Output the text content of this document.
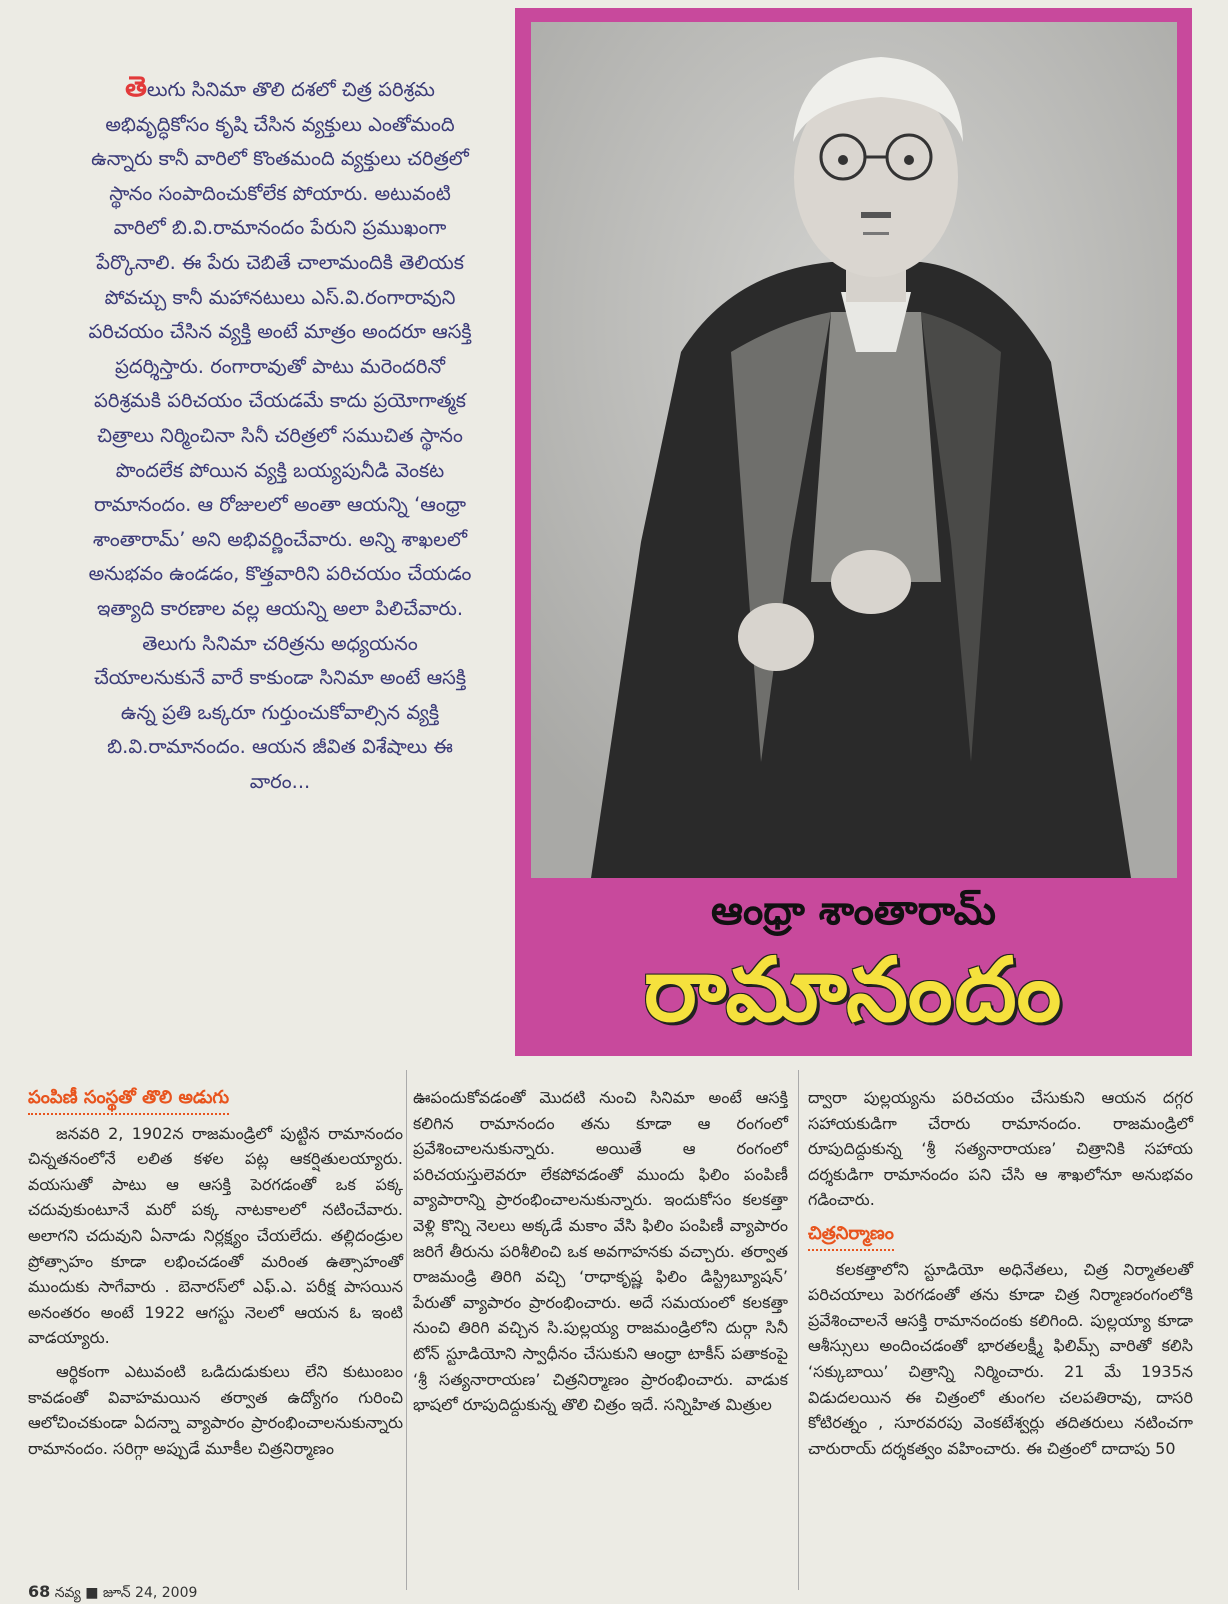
తెలుగు సినిమా తొలి దశలో చిత్ర పరిశ్రమ అభివృద్ధికోసం కృషి చేసిన వ్యక్తులు ఎంతోమంది ఉన్నారు కానీ వారిలో కొంతమంది వ్యక్తులు చరిత్రలో స్థానం సంపాదించుకోలేక పోయారు. అటువంటి వారిలో బి.వి.రామానందం పేరుని ప్రముఖంగా పేర్కొనాలి. ఈ పేరు చెబితే చాలామందికి తెలియక పోవచ్చు కానీ మహానటులు ఎస్.వి.రంగారావుని పరిచయం చేసిన వ్యక్తి అంటే మాత్రం అందరూ ఆసక్తి ప్రదర్శిస్తారు. రంగారావుతో పాటు మరెందరినో పరిశ్రమకి పరిచయం చేయడమే కాదు ప్రయోగాత్మక చిత్రాలు నిర్మించినా సినీ చరిత్రలో సముచిత స్థానం పొందలేక పోయిన వ్యక్తి బయ్యపునీడి వెంకట రామానందం. ఆ రోజులలో అంతా ఆయన్ని ‘ఆంధ్రా శాంతారామ్’ అని అభివర్ణించేవారు. అన్ని శాఖలలో అనుభవం ఉండడం, కొత్తవారిని పరిచయం చేయడం ఇత్యాది కారణాల వల్ల ఆయన్ని అలా పిలిచేవారు. తెలుగు సినిమా చరిత్రను అధ్యయనం చేయాలనుకునే వారే కాకుండా సినిమా అంటే ఆసక్తి ఉన్న ప్రతి ఒక్కరూ గుర్తుంచుకోవాల్సిన వ్యక్తి బి.వి.రామానందం. ఆయన జీవిత విశేషాలు ఈ వారం...

ఆంధ్రా శాంతారామ్
రామానందం
పంపిణీ సంస్థతో తొలి అడుగు

జనవరి 2, 1902న రాజమండ్రిలో పుట్టిన రామానందం చిన్నతనంలోనే లలిత కళల పట్ల ఆకర్షితులయ్యారు. వయసుతో పాటు ఆ ఆసక్తి పెరగడంతో ఒక పక్క చదువుకుంటూనే మరో పక్క నాటకాలలో నటించేవారు. అలాగని చదువుని ఏనాడు నిర్లక్ష్యం చేయలేదు. తల్లిదండ్రుల ప్రోత్సాహం కూడా లభించడంతో మరింత ఉత్సాహంతో ముందుకు సాగేవారు . బెనారస్‌లో ఎఫ్.ఎ. పరీక్ష పాసయిన అనంతరం అంటే 1922 ఆగస్టు నెలలో ఆయన ఓ ఇంటి వాడయ్యారు.

ఆర్థికంగా ఎటువంటి ఒడిదుడుకులు లేని కుటుంబం కావడంతో వివాహమయిన తర్వాత ఉద్యోగం గురించి ఆలోచించకుండా ఏదన్నా వ్యాపారం ప్రారంభించాలనుకున్నారు రామానందం. సరిగ్గా అప్పుడే మూకీల చిత్రనిర్మాణం

ఊపందుకోవడంతో మొదటి నుంచి సినిమా అంటే ఆసక్తి కలిగిన రామానందం తను కూడా ఆ రంగంలో ప్రవేశించాలనుకున్నారు. అయితే ఆ రంగంలో పరిచయస్తులెవరూ లేకపోవడంతో ముందు ఫిలిం పంపిణీ వ్యాపారాన్ని ప్రారంభించాలనుకున్నారు. ఇందుకోసం కలకత్తా వెళ్లి కొన్ని నెలలు అక్కడే మకాం వేసి ఫిలిం పంపిణీ వ్యాపారం జరిగే తీరును పరిశీలించి ఒక అవగాహనకు వచ్చారు. తర్వాత రాజమండ్రి తిరిగి వచ్చి ‘రాధాకృష్ణ ఫిలిం డిస్ట్రిబ్యూషన్’ పేరుతో వ్యాపారం ప్రారంభించారు. అదే సమయంలో కలకత్తా నుంచి తిరిగి వచ్చిన సి.పుల్లయ్య రాజమండ్రిలోని దుర్గా సినీ టోన్ స్టూడియోని స్వాధీనం చేసుకుని ఆంధ్రా టాకీస్ పతాకంపై ‘శ్రీ సత్యనారాయణ’ చిత్రనిర్మాణం ప్రారంభించారు. వాడుక భాషలో రూపుదిద్దుకున్న తొలి చిత్రం ఇదే. సన్నిహిత మిత్రుల

ద్వారా పుల్లయ్యను పరిచయం చేసుకుని ఆయన దగ్గర సహాయకుడిగా చేరారు రామానందం. రాజమండ్రిలో రూపుదిద్దుకున్న ‘శ్రీ సత్యనారాయణ’ చిత్రానికి సహాయ దర్శకుడిగా రామానందం పని చేసి ఆ శాఖలోనూ అనుభవం గడించారు.

చిత్రనిర్మాణం

కలకత్తాలోని స్టూడియో అధినేతలు, చిత్ర నిర్మాతలతో పరిచయాలు పెరగడంతో తను కూడా చిత్ర నిర్మాణరంగంలోకి ప్రవేశించాలనే ఆసక్తి రామానందంకు కలిగింది. పుల్లయ్యా కూడా ఆశీస్సులు అందించడంతో భారతలక్ష్మీ ఫిలిమ్స్ వారితో కలిసి ‘సక్కుబాయి’ చిత్రాన్ని నిర్మించారు. 21 మే 1935న విడుదలయిన ఈ చిత్రంలో తుంగల చలపతిరావు, దాసరి కోటిరత్నం , సూరవరపు వెంకటేశ్వర్లు తదితరులు నటించగా చారురాయ్ దర్శకత్వం వహించారు. ఈ చిత్రంలో దాదాపు 50

68 నవ్య ■ జూన్ 24, 2009
